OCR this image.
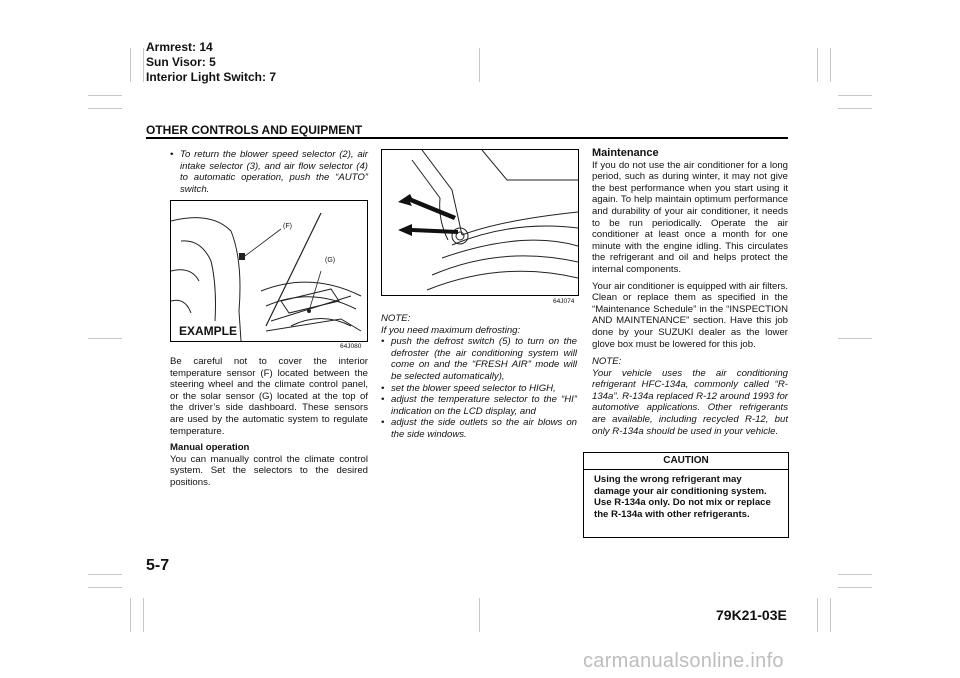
Armrest: 14
Sun Visor: 5
Interior Light Switch: 7
OTHER CONTROLS AND EQUIPMENT
• To return the blower speed selector (2), air intake selector (3), and air flow selector (4) to automatic operation, push the “AUTO” switch.
(F)
(G)
EXAMPLE
64J080

Be careful not to cover the interior temperature sensor (F) located between the steering wheel and the climate control panel, or the solar sensor (G) located at the top of the driver’s side dashboard. These sensors are used by the automatic system to regulate temperature.

Manual operation

You can manually control the climate control system. Set the selectors to the desired positions.

64J074

NOTE:

If you need maximum defrosting:

• push the defrost switch (5) to turn on the defroster (the air conditioning system will come on and the “FRESH AIR” mode will be selected automatically),
• set the blower speed selector to HIGH,
• adjust the temperature selector to the “HI” indication on the LCD display, and
• adjust the side outlets so the air blows on the side windows.

Maintenance

If you do not use the air conditioner for a long period, such as during winter, it may not give the best performance when you start using it again. To help maintain optimum performance and durability of your air conditioner, it needs to be run periodically. Operate the air conditioner at least once a month for one minute with the engine idling. This circulates the refrigerant and oil and helps protect the internal components.

Your air conditioner is equipped with air filters. Clean or replace them as specified in the “Maintenance Schedule” in the “INSPECTION AND MAINTENANCE” section. Have this job done by your SUZUKI dealer as the lower glove box must be lowered for this job.

NOTE:

Your vehicle uses the air conditioning refrigerant HFC-134a, commonly called “R-134a”. R-134a replaced R-12 around 1993 for automotive applications. Other refrigerants are available, including recycled R-12, but only R-134a should be used in your vehicle.

CAUTION
Using the wrong refrigerant may damage your air conditioning system. Use R-134a only. Do not mix or replace the R-134a with other refrigerants.
5-7
79K21-03E
carmanualsonline.info
